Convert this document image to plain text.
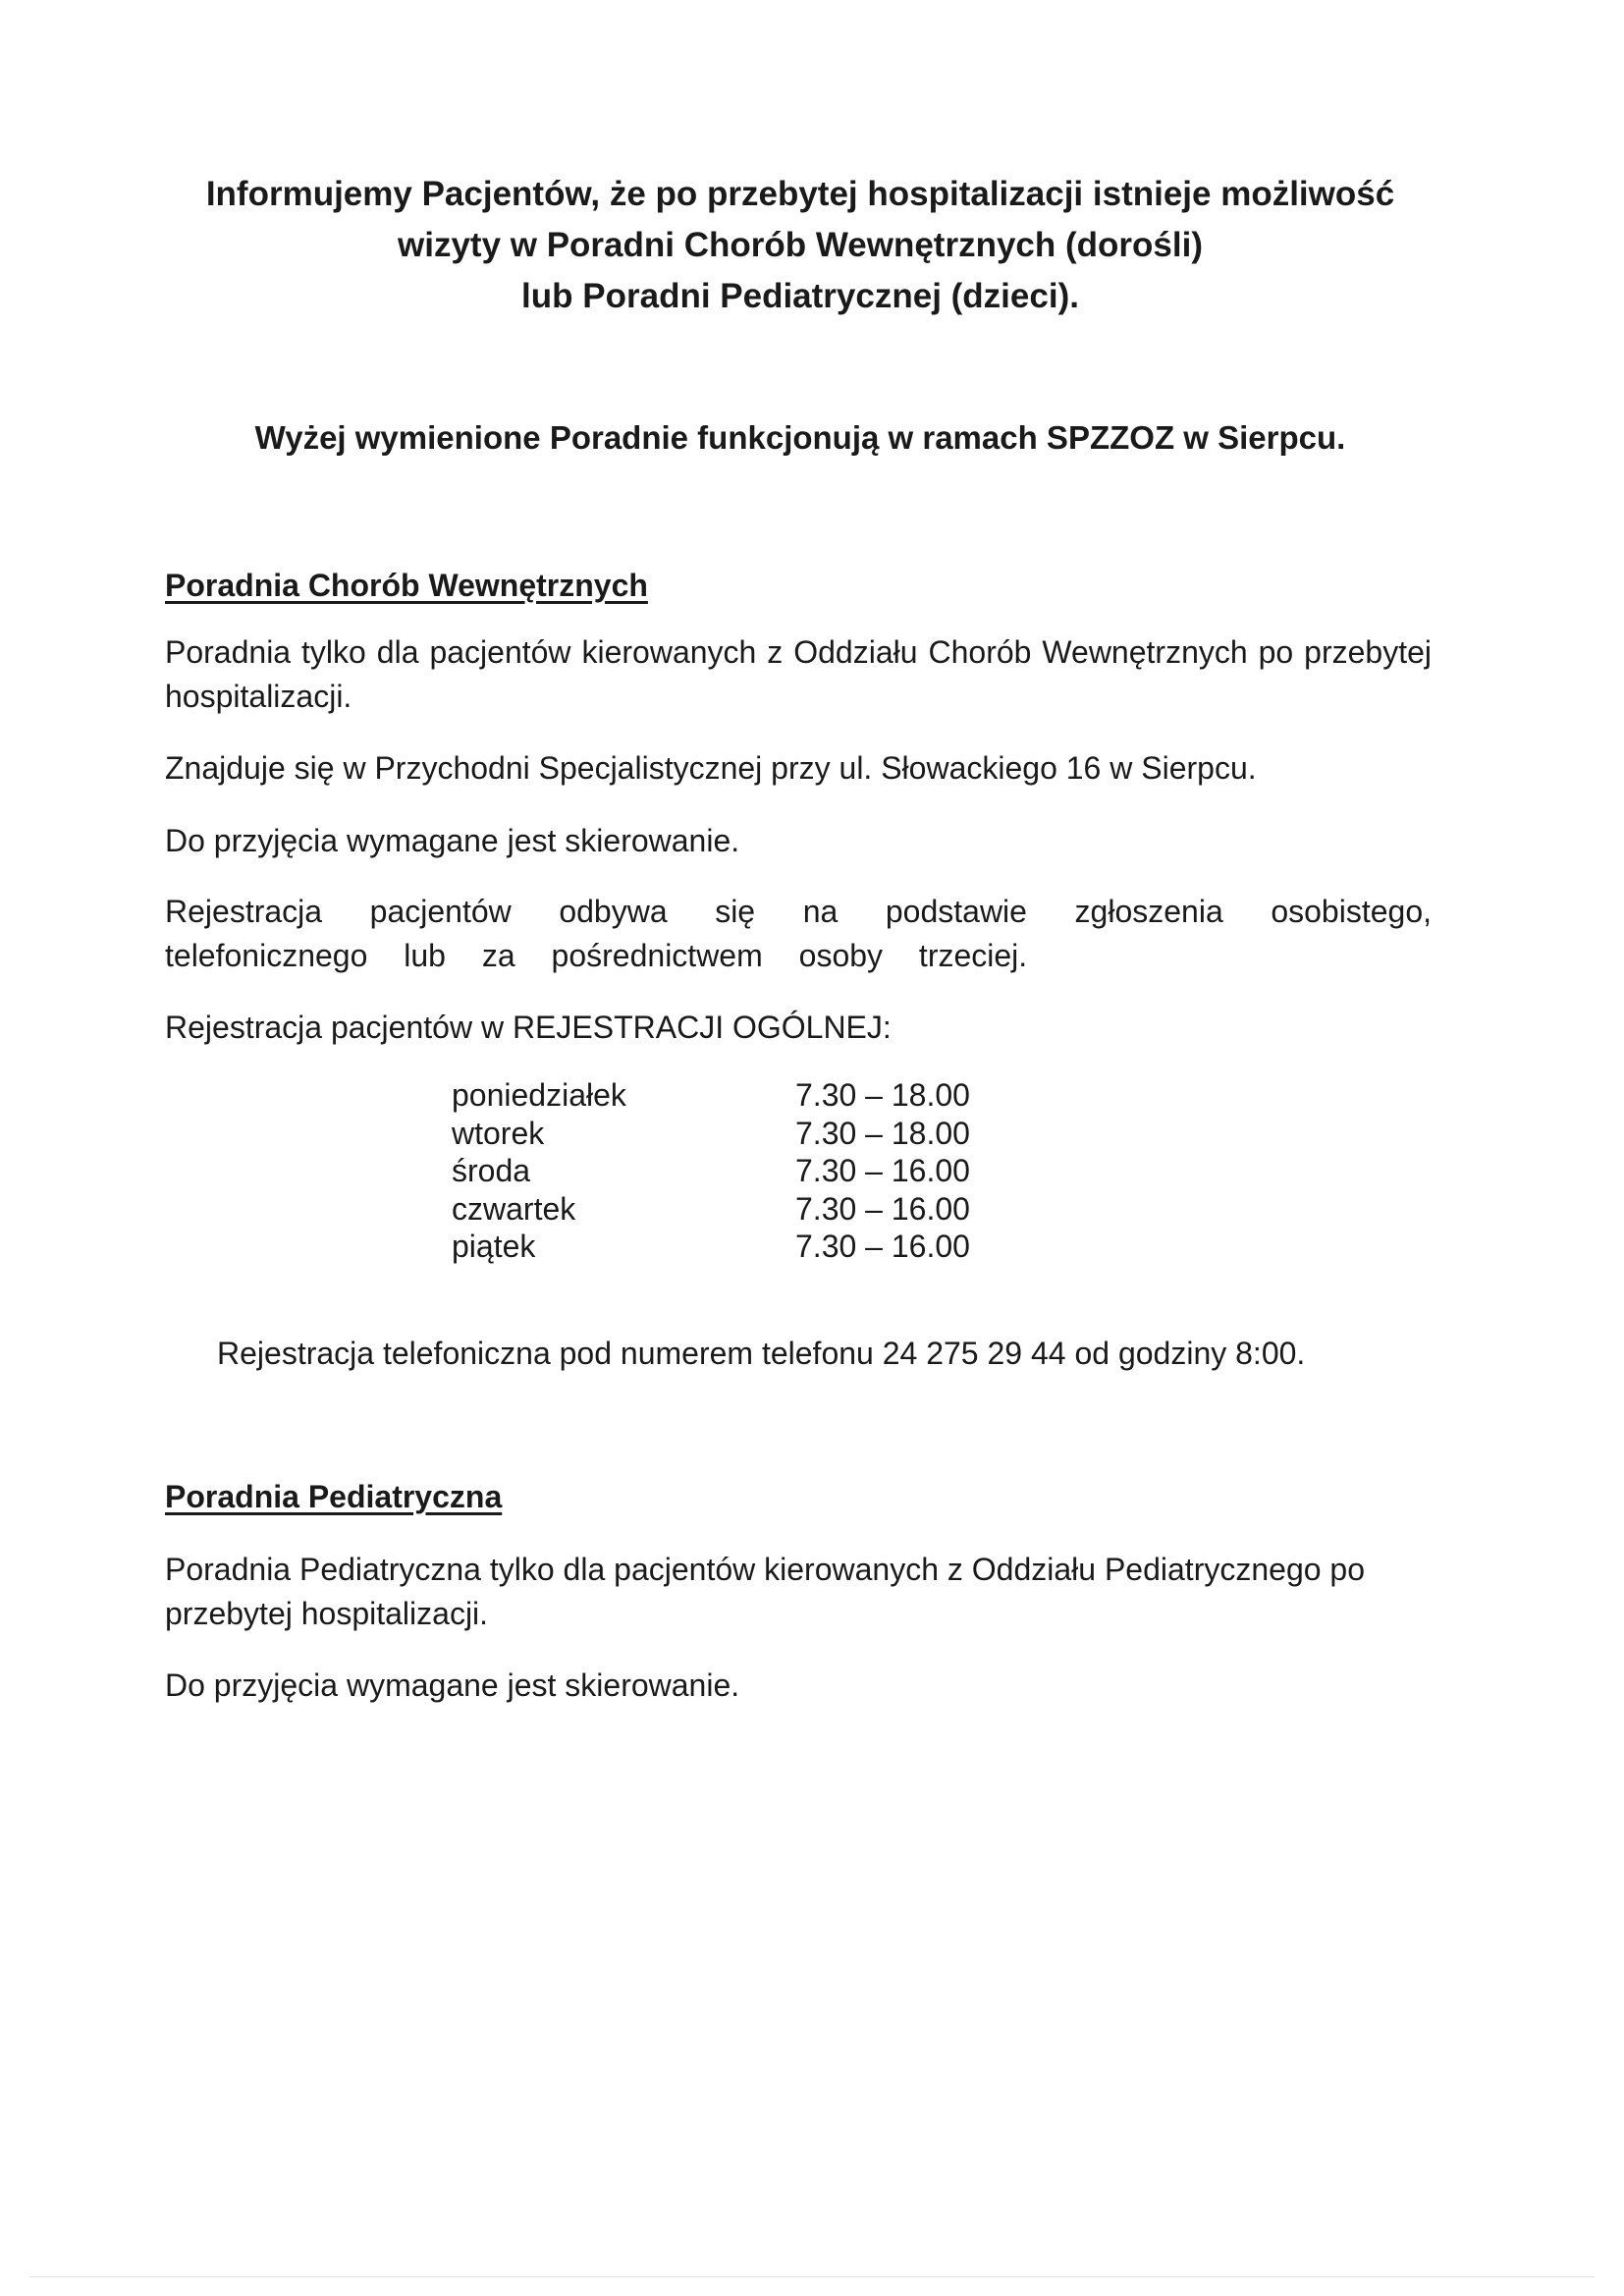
Informujemy Pacjentów, że po przebytej hospitalizacji istnieje możliwość
wizyty w Poradni Chorób Wewnętrznych (dorośli)
lub Poradni Pediatrycznej (dzieci).
Wyżej wymienione Poradnie funkcjonują w ramach SPZZOZ w Sierpcu.
Poradnia Chorób Wewnętrznych
Poradnia tylko dla pacjentów kierowanych z Oddziału Chorób Wewnętrznych po przebytej hospitalizacji.
Znajduje się w Przychodni Specjalistycznej przy ul. Słowackiego 16 w Sierpcu.
Do przyjęcia wymagane jest skierowanie.
Rejestracja pacjentów odbywa się na podstawie zgłoszenia osobistego, telefonicznego lub za pośrednictwem osoby trzeciej.
Rejestracja pacjentów w REJESTRACJI OGÓLNEJ:
poniedziałek	7.30 – 18.00
wtorek	7.30 – 18.00
środa	7.30 – 16.00
czwartek	7.30 – 16.00
piątek	7.30 – 16.00
Rejestracja telefoniczna pod numerem telefonu 24 275 29 44 od godziny 8:00.
Poradnia Pediatryczna
Poradnia Pediatryczna tylko dla pacjentów kierowanych z Oddziału Pediatrycznego po przebytej hospitalizacji.
Do przyjęcia wymagane jest skierowanie.
